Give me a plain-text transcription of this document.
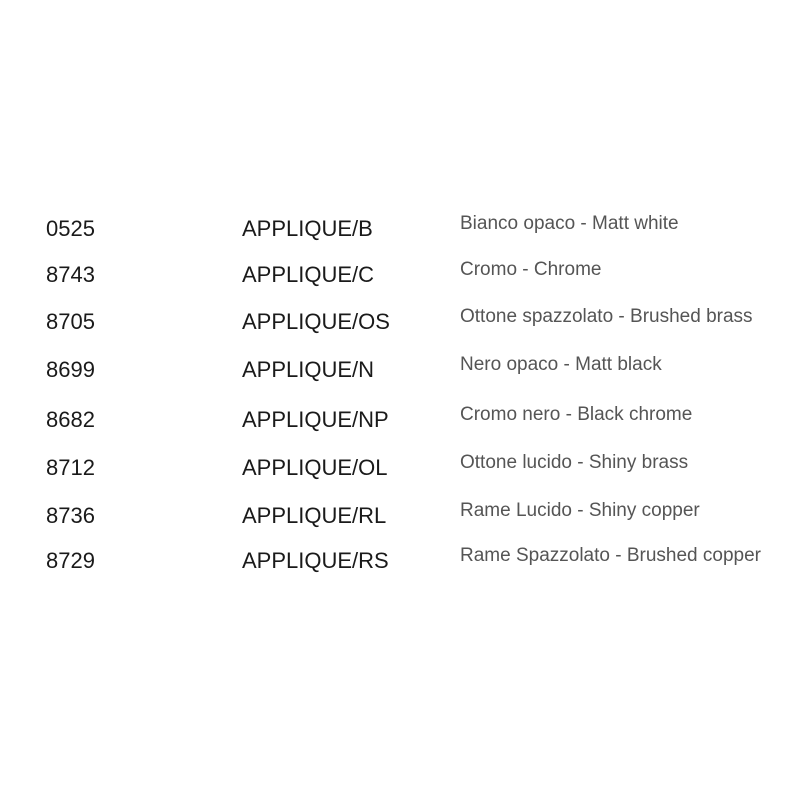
0525	APPLIQUE/B	Bianco opaco - Matt white
8743	APPLIQUE/C	Cromo - Chrome
8705	APPLIQUE/OS	Ottone spazzolato - Brushed brass
8699	APPLIQUE/N	Nero opaco - Matt black
8682	APPLIQUE/NP	Cromo nero - Black chrome
8712	APPLIQUE/OL	Ottone lucido - Shiny brass
8736	APPLIQUE/RL	Rame Lucido - Shiny copper
8729	APPLIQUE/RS	Rame Spazzolato - Brushed copper
